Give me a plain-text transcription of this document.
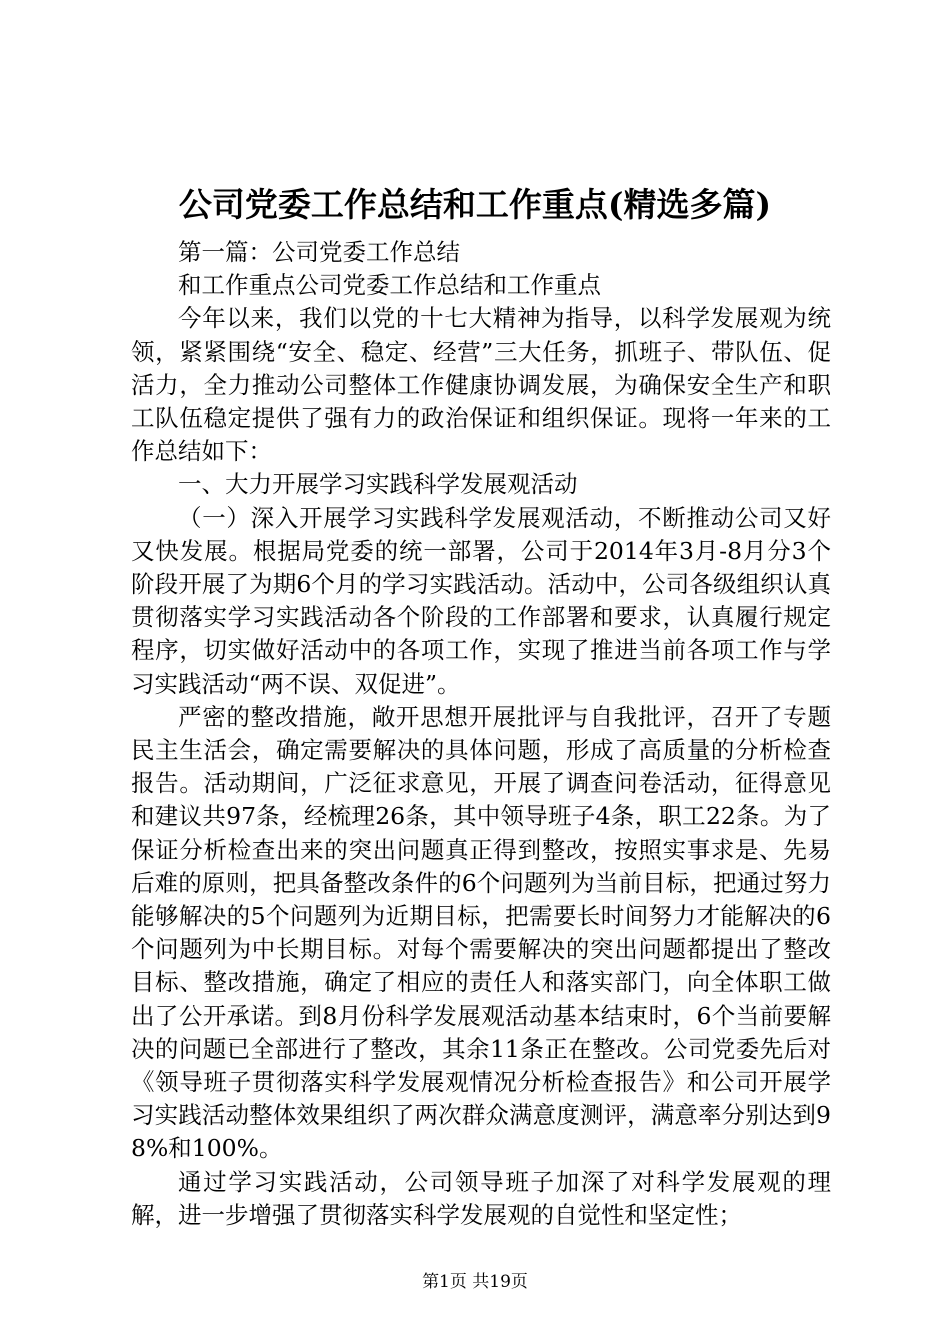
公司党委工作总结和工作重点(精选多篇)

第一篇：公司党委工作总结

和工作重点公司党委工作总结和工作重点

今年以来，我们以党的十七大精神为指导，以科学发展观为统领，紧紧围绕“安全、稳定、经营”三大任务，抓班子、带队伍、促活力，全力推动公司整体工作健康协调发展，为确保安全生产和职工队伍稳定提供了强有力的政治保证和组织保证。现将一年来的工作总结如下：

一、大力开展学习实践科学发展观活动

（一）深入开展学习实践科学发展观活动，不断推动公司又好又快发展。根据局党委的统一部署，公司于2014年3月-8月分3个阶段开展了为期6个月的学习实践活动。活动中，公司各级组织认真贯彻落实学习实践活动各个阶段的工作部署和要求，认真履行规定程序，切实做好活动中的各项工作，实现了推进当前各项工作与学习实践活动“两不误、双促进”。

严密的整改措施，敞开思想开展批评与自我批评，召开了专题民主生活会，确定需要解决的具体问题，形成了高质量的分析检查报告。活动期间，广泛征求意见，开展了调查问卷活动，征得意见和建议共97条，经梳理26条，其中领导班子4条，职工22条。为了保证分析检查出来的突出问题真正得到整改，按照实事求是、先易后难的原则，把具备整改条件的6个问题列为当前目标，把通过努力能够解决的5个问题列为近期目标，把需要长时间努力才能解决的6个问题列为中长期目标。对每个需要解决的突出问题都提出了整改目标、整改措施，确定了相应的责任人和落实部门，向全体职工做出了公开承诺。到8月份科学发展观活动基本结束时，6个当前要解决的问题已全部进行了整改，其余11条正在整改。公司党委先后对《领导班子贯彻落实科学发展观情况分析检查报告》和公司开展学习实践活动整体效果组织了两次群众满意度测评，满意率分别达到98%和100%。

通过学习实践活动，公司领导班子加深了对科学发展观的理解，进一步增强了贯彻落实科学发展观的自觉性和坚定性；

第1页 共19页
